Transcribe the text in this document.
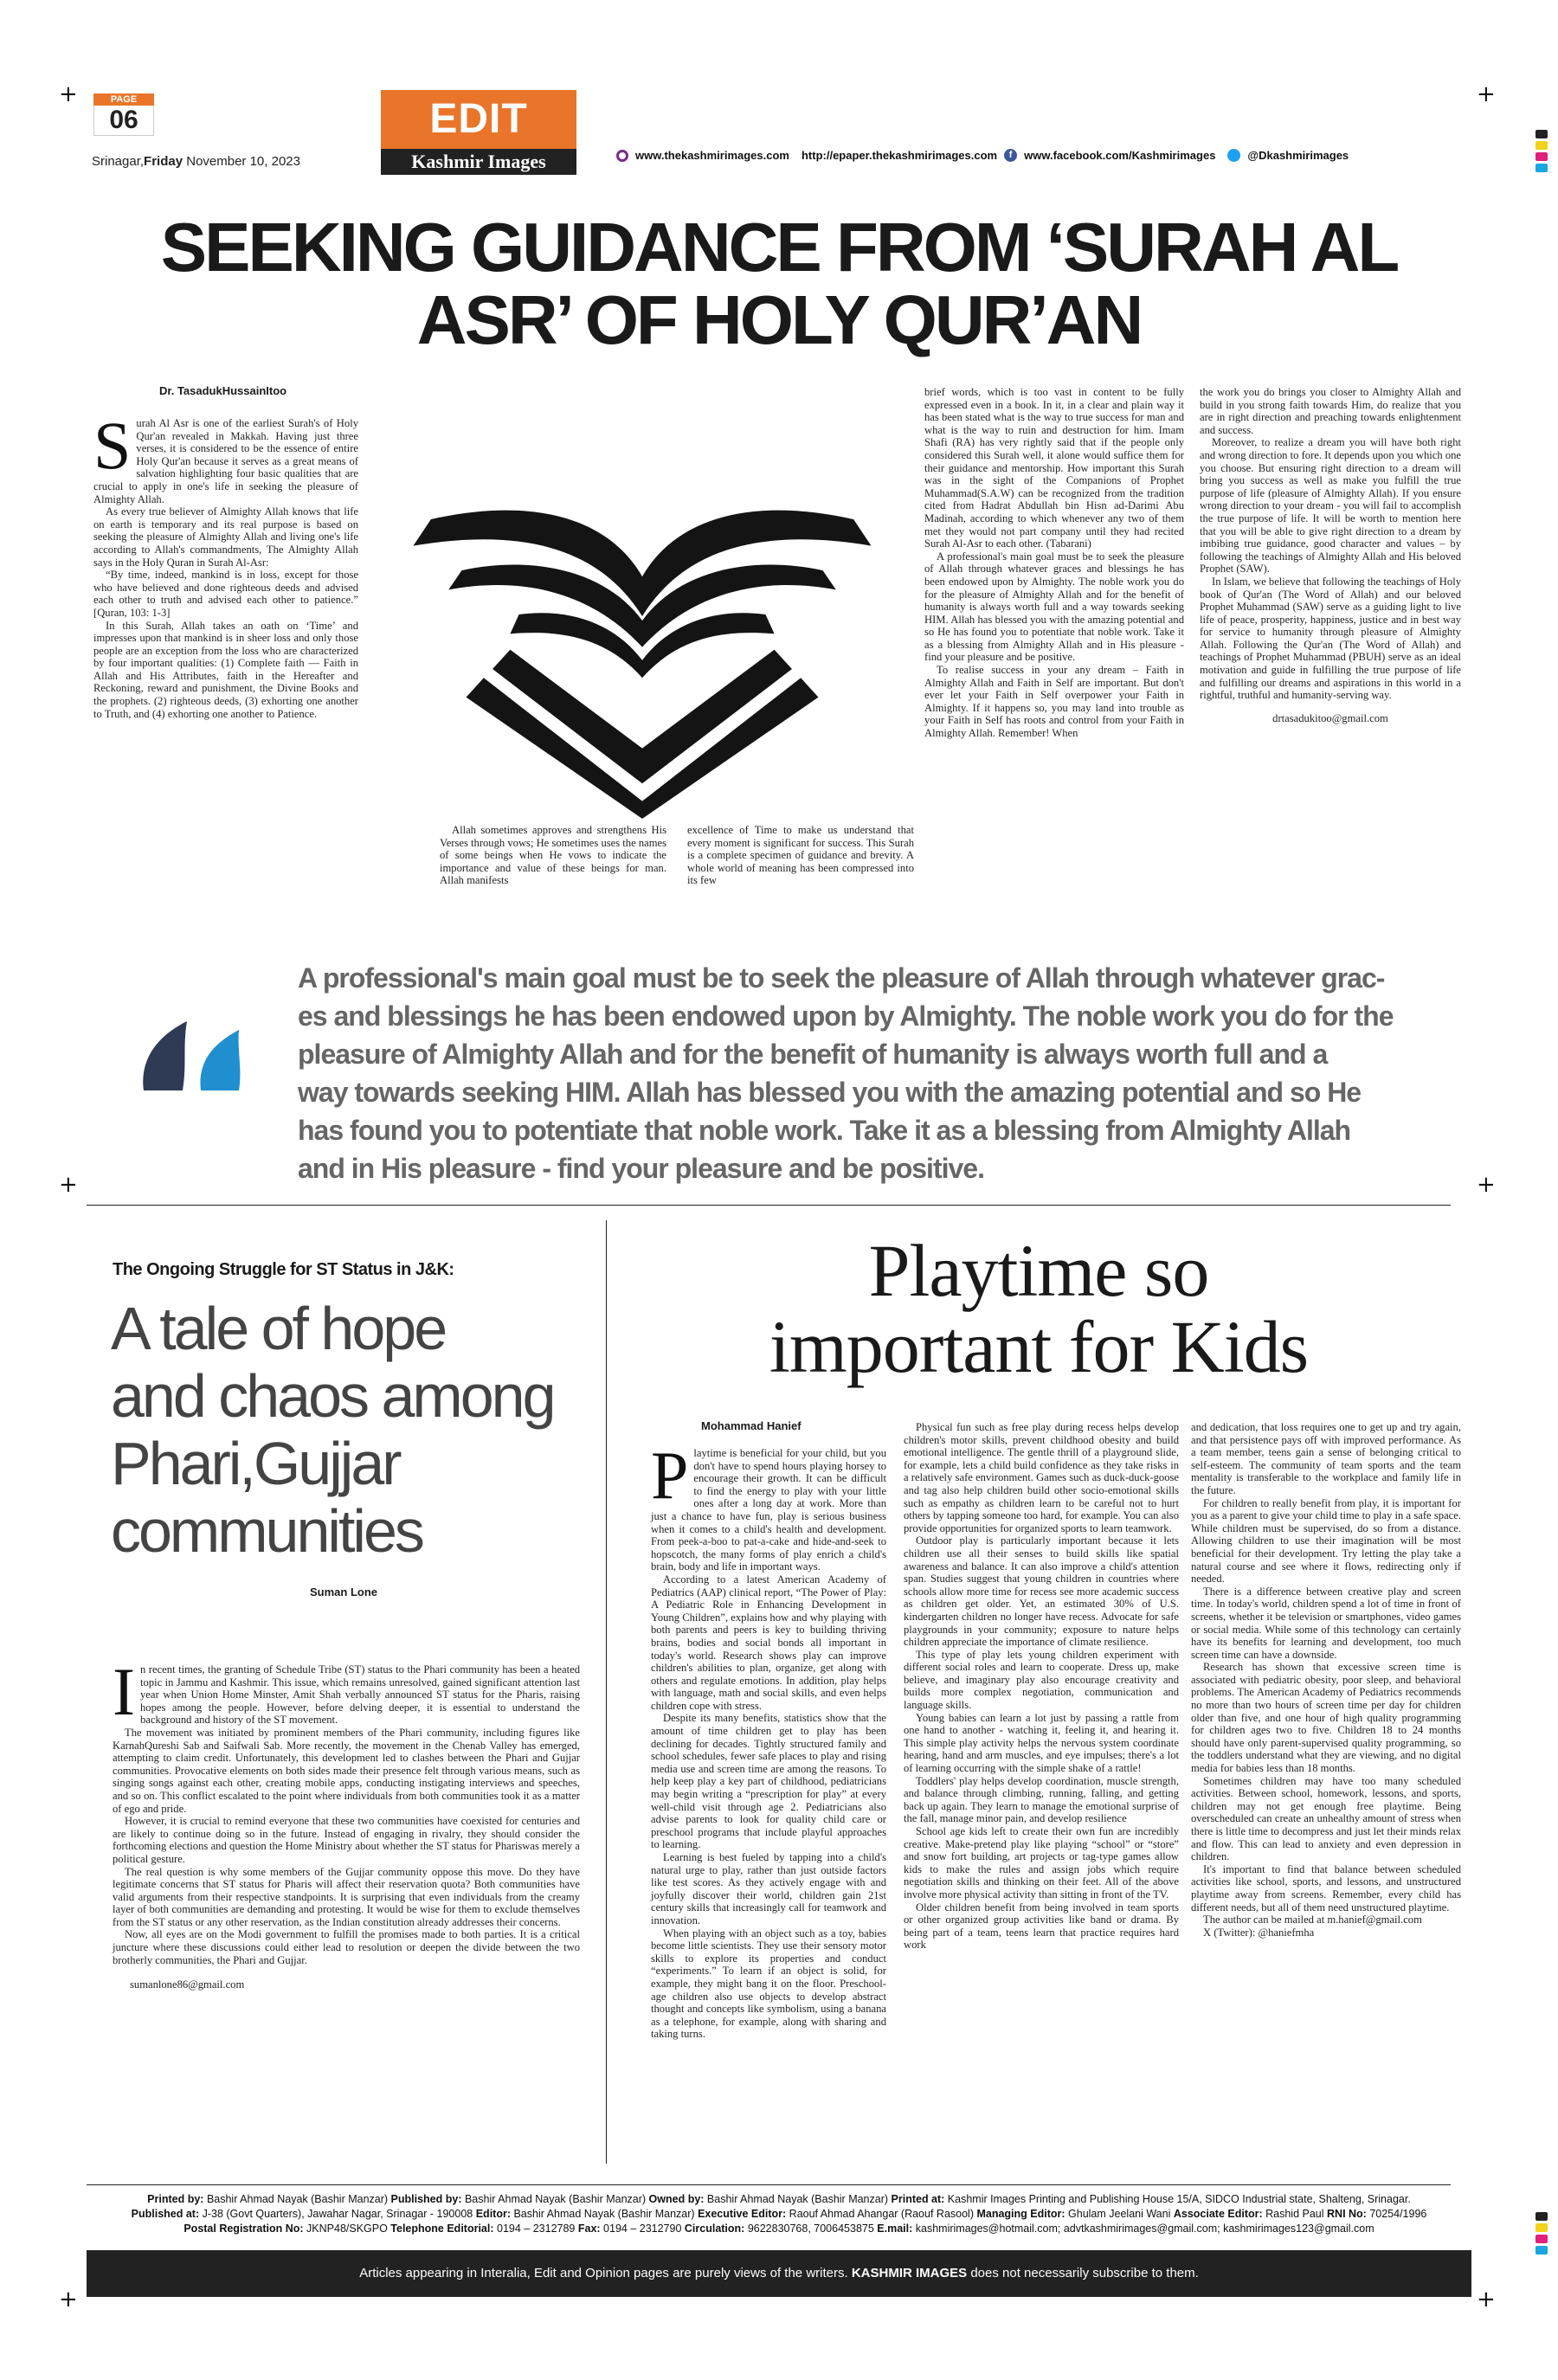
+	+
+	+
+	+
PAGE
06
Srinagar,Friday November 10, 2023
EDIT
Kashmir Images	www.thekashmirimages.com http://epaper.thekashmirimages.com	f	www.facebook.com/Kashmirimages	@Dkashmirimages
SEEKING GUIDANCE FROM ‘SURAH AL
ASR’ OF HOLY QUR’AN
Dr. TasadukHussainItoo
S urah Al Asr is one of the earliest Surah's of Holy Qur'an revealed in Makkah. Having just three verses, it is considered to be the essence of entire Holy Qur'an because it serves as a great means of salvation highlighting four basic qualities that are crucial to apply in one's life in seeking the pleasure of Almighty Allah.

As every true believer of Almighty Allah knows that life on earth is temporary and its real purpose is based on seeking the pleasure of Almighty Allah and living one's life according to Allah's commandments, The Almighty Allah says in the Holy Quran in Surah Al-Asr:

“By time, indeed, mankind is in loss, except for those who have believed and done righteous deeds and advised each other to truth and advised each other to patience.” [Quran, 103: 1-3]

In this Surah, Allah takes an oath on ‘Time’ and impresses upon that mankind is in sheer loss and only those people are an exception from the loss who are characterized by four important qualities: (1) Complete faith — Faith in Allah and His Attributes, faith in the Hereafter and Reckoning, reward and punishment, the Divine Books and the prophets. (2) righteous deeds, (3) exhorting one another to Truth, and (4) exhorting one another to Patience.

Allah sometimes approves and strengthens His Verses through vows; He sometimes uses the names of some beings when He vows to indicate the importance and value of these beings for man. Allah manifests

excellence of Time to make us understand that every moment is significant for success. This Surah is a complete specimen of guidance and brevity. A whole world of meaning has been compressed into its few

brief words, which is too vast in content to be fully expressed even in a book. In it, in a clear and plain way it has been stated what is the way to true success for man and what is the way to ruin and destruction for him. Imam Shafi (RA) has very rightly said that if the people only considered this Surah well, it alone would suffice them for their guidance and mentorship. How important this Surah was in the sight of the Companions of Prophet Muhammad(S.A.W) can be recognized from the tradition cited from Hadrat Abdullah bin Hisn ad-Darimi Abu Madinah, according to which whenever any two of them met they would not part company until they had recited Surah Al-Asr to each other. (Tabarani)

A professional's main goal must be to seek the pleasure of Allah through whatever graces and blessings he has been endowed upon by Almighty. The noble work you do for the pleasure of Almighty Allah and for the benefit of humanity is always worth full and a way towards seeking HIM. Allah has blessed you with the amazing potential and so He has found you to potentiate that noble work. Take it as a blessing from Almighty Allah and in His pleasure - find your pleasure and be positive.

To realise success in your any dream – Faith in Almighty Allah and Faith in Self are important. But don't ever let your Faith in Self overpower your Faith in Almighty. If it happens so, you may land into trouble as your Faith in Self has roots and control from your Faith in Almighty Allah. Remember! When

the work you do brings you closer to Almighty Allah and build in you strong faith towards Him, do realize that you are in right direction and preaching towards enlightenment and success.

Moreover, to realize a dream you will have both right and wrong direction to fore. It depends upon you which one you choose. But ensuring right direction to a dream will bring you success as well as make you fulfill the true purpose of life (pleasure of Almighty Allah). If you ensure wrong direction to your dream - you will fail to accomplish the true purpose of life. It will be worth to mention here that you will be able to give right direction to a dream by imbibing true guidance, good character and values – by following the teachings of Almighty Allah and His beloved Prophet (SAW).

In Islam, we believe that following the teachings of Holy book of Qur'an (The Word of Allah) and our beloved Prophet Muhammad (SAW) serve as a guiding light to live life of peace, prosperity, happiness, justice and in best way for service to humanity through pleasure of Almighty Allah. Following the Qur'an (The Word of Allah) and teachings of Prophet Muhammad (PBUH) serve as an ideal motivation and guide in fulfilling the true purpose of life and fulfilling our dreams and aspirations in this world in a rightful, truthful and humanity-serving way.

drtasadukitoo@gmail.com
A professional's main goal must be to seek the pleasure of Allah through whatever grac-
es and blessings he has been endowed upon by Almighty. The noble work you do for the
pleasure of Almighty Allah and for the benefit of humanity is always worth full and a
way towards seeking HIM. Allah has blessed you with the amazing potential and so He
has found you to potentiate that noble work. Take it as a blessing from Almighty Allah
and in His pleasure - find your pleasure and be positive.
The Ongoing Struggle for ST Status in J&K:
A tale of hope
and chaos among
Phari,Gujjar
communities
Suman Lone
I n recent times, the granting of Schedule Tribe (ST) status to the Phari community has been a heated topic in Jammu and Kashmir. This issue, which remains unresolved, gained significant attention last year when Union Home Minster, Amit Shah verbally announced ST status for the Pharis, raising hopes among the people. However, before delving deeper, it is essential to understand the background and history of the ST movement.

The movement was initiated by prominent members of the Phari community, including figures like KarnahQureshi Sab and Saifwali Sab. More recently, the movement in the Chenab Valley has emerged, attempting to claim credit. Unfortunately, this development led to clashes between the Phari and Gujjar communities. Provocative elements on both sides made their presence felt through various means, such as singing songs against each other, creating mobile apps, conducting instigating interviews and speeches, and so on. This conflict escalated to the point where individuals from both communities took it as a matter of ego and pride.

However, it is crucial to remind everyone that these two communities have coexisted for centuries and are likely to continue doing so in the future. Instead of engaging in rivalry, they should consider the forthcoming elections and question the Home Ministry about whether the ST status for Phariswas merely a political gesture.

The real question is why some members of the Gujjar community oppose this move. Do they have legitimate concerns that ST status for Pharis will affect their reservation quota? Both communities have valid arguments from their respective standpoints. It is surprising that even individuals from the creamy layer of both communities are demanding and protesting. It would be wise for them to exclude themselves from the ST status or any other reservation, as the Indian constitution already addresses their concerns.

Now, all eyes are on the Modi government to fulfill the promises made to both parties. It is a critical juncture where these discussions could either lead to resolution or deepen the divide between the two brotherly communities, the Phari and Gujjar.

sumanlone86@gmail.com
Playtime so
important for Kids
Mohammad Hanief
P laytime is beneficial for your child, but you don't have to spend hours playing horsey to encourage their growth. It can be difficult to find the energy to play with your little ones after a long day at work. More than just a chance to have fun, play is serious business when it comes to a child's health and development. From peek-a-boo to pat-a-cake and hide-and-seek to hopscotch, the many forms of play enrich a child's brain, body and life in important ways.

According to a latest American Academy of Pediatrics (AAP) clinical report, “The Power of Play: A Pediatric Role in Enhancing Development in Young Children”, explains how and why playing with both parents and peers is key to building thriving brains, bodies and social bonds all important in today's world. Research shows play can improve children's abilities to plan, organize, get along with others and regulate emotions. In addition, play helps with language, math and social skills, and even helps children cope with stress.

Despite its many benefits, statistics show that the amount of time children get to play has been declining for decades. Tightly structured family and school schedules, fewer safe places to play and rising media use and screen time are among the reasons. To help keep play a key part of childhood, pediatricians may begin writing a “prescription for play” at every well-child visit through age 2. Pediatricians also advise parents to look for quality child care or preschool programs that include playful approaches to learning.

Learning is best fueled by tapping into a child's natural urge to play, rather than just outside factors like test scores. As they actively engage with and joyfully discover their world, children gain 21st century skills that increasingly call for teamwork and innovation.

When playing with an object such as a toy, babies become little scientists. They use their sensory motor skills to explore its properties and conduct “experiments.” To learn if an object is solid, for example, they might bang it on the floor. Preschool-age children also use objects to develop abstract thought and concepts like symbolism, using a banana as a telephone, for example, along with sharing and taking turns.

Physical fun such as free play during recess helps develop children's motor skills, prevent childhood obesity and build emotional intelligence. The gentle thrill of a playground slide, for example, lets a child build confidence as they take risks in a relatively safe environment. Games such as duck-duck-goose and tag also help children build other socio-emotional skills such as empathy as children learn to be careful not to hurt others by tapping someone too hard, for example. You can also provide opportunities for organized sports to learn teamwork.

Outdoor play is particularly important because it lets children use all their senses to build skills like spatial awareness and balance. It can also improve a child's attention span. Studies suggest that young children in countries where schools allow more time for recess see more academic success as children get older. Yet, an estimated 30% of U.S. kindergarten children no longer have recess. Advocate for safe playgrounds in your community; exposure to nature helps children appreciate the importance of climate resilience.

This type of play lets young children experiment with different social roles and learn to cooperate. Dress up, make believe, and imaginary play also encourage creativity and builds more complex negotiation, communication and language skills.

Young babies can learn a lot just by passing a rattle from one hand to another - watching it, feeling it, and hearing it. This simple play activity helps the nervous system coordinate hearing, hand and arm muscles, and eye impulses; there's a lot of learning occurring with the simple shake of a rattle!

Toddlers' play helps develop coordination, muscle strength, and balance through climbing, running, falling, and getting back up again. They learn to manage the emotional surprise of the fall, manage minor pain, and develop resilience

School age kids left to create their own fun are incredibly creative. Make-pretend play like playing “school” or “store” and snow fort building, art projects or tag-type games allow kids to make the rules and assign jobs which require negotiation skills and thinking on their feet. All of the above involve more physical activity than sitting in front of the TV.

Older children benefit from being involved in team sports or other organized group activities like band or drama. By being part of a team, teens learn that practice requires hard work

and dedication, that loss requires one to get up and try again, and that persistence pays off with improved performance. As a team member, teens gain a sense of belonging critical to self-esteem. The community of team sports and the team mentality is transferable to the workplace and family life in the future.

For children to really benefit from play, it is important for you as a parent to give your child time to play in a safe space. While children must be supervised, do so from a distance. Allowing children to use their imagination will be most beneficial for their development. Try letting the play take a natural course and see where it flows, redirecting only if needed.

There is a difference between creative play and screen time. In today's world, children spend a lot of time in front of screens, whether it be television or smartphones, video games or social media. While some of this technology can certainly have its benefits for learning and development, too much screen time can have a downside.

Research has shown that excessive screen time is associated with pediatric obesity, poor sleep, and behavioral problems. The American Academy of Pediatrics recommends no more than two hours of screen time per day for children older than five, and one hour of high quality programming for children ages two to five. Children 18 to 24 months should have only parent-supervised quality programming, so the toddlers understand what they are viewing, and no digital media for babies less than 18 months.

Sometimes children may have too many scheduled activities. Between school, homework, lessons, and sports, children may not get enough free playtime. Being overscheduled can create an unhealthy amount of stress when there is little time to decompress and just let their minds relax and flow. This can lead to anxiety and even depression in children.

It's important to find that balance between scheduled activities like school, sports, and lessons, and unstructured playtime away from screens. Remember, every child has different needs, but all of them need unstructured playtime.

The author can be mailed at m.hanief@gmail.com

X (Twitter): @haniefmha

Printed by: Bashir Ahmad Nayak (Bashir Manzar) Published by: Bashir Ahmad Nayak (Bashir Manzar) Owned by: Bashir Ahmad Nayak (Bashir Manzar) Printed at: Kashmir Images Printing and Publishing House 15/A, SIDCO Industrial state, Shalteng, Srinagar.
Published at: J-38 (Govt Quarters), Jawahar Nagar, Srinagar - 190008 Editor: Bashir Ahmad Nayak (Bashir Manzar) Executive Editor: Raouf Ahmad Ahangar (Raouf Rasool) Managing Editor: Ghulam Jeelani Wani Associate Editor: Rashid Paul RNI No: 70254/1996
Postal Registration No: JKNP48/SKGPO Telephone Editorial: 0194 – 2312789 Fax: 0194 – 2312790 Circulation: 9622830768, 7006453875 E.mail: kashmirimages@hotmail.com; advtkashmirimages@gmail.com; kashmirimages123@gmail.com
Articles appearing in Interalia, Edit and Opinion pages are purely views of the writers. KASHMIR IMAGES does not necessarily subscribe to them.
